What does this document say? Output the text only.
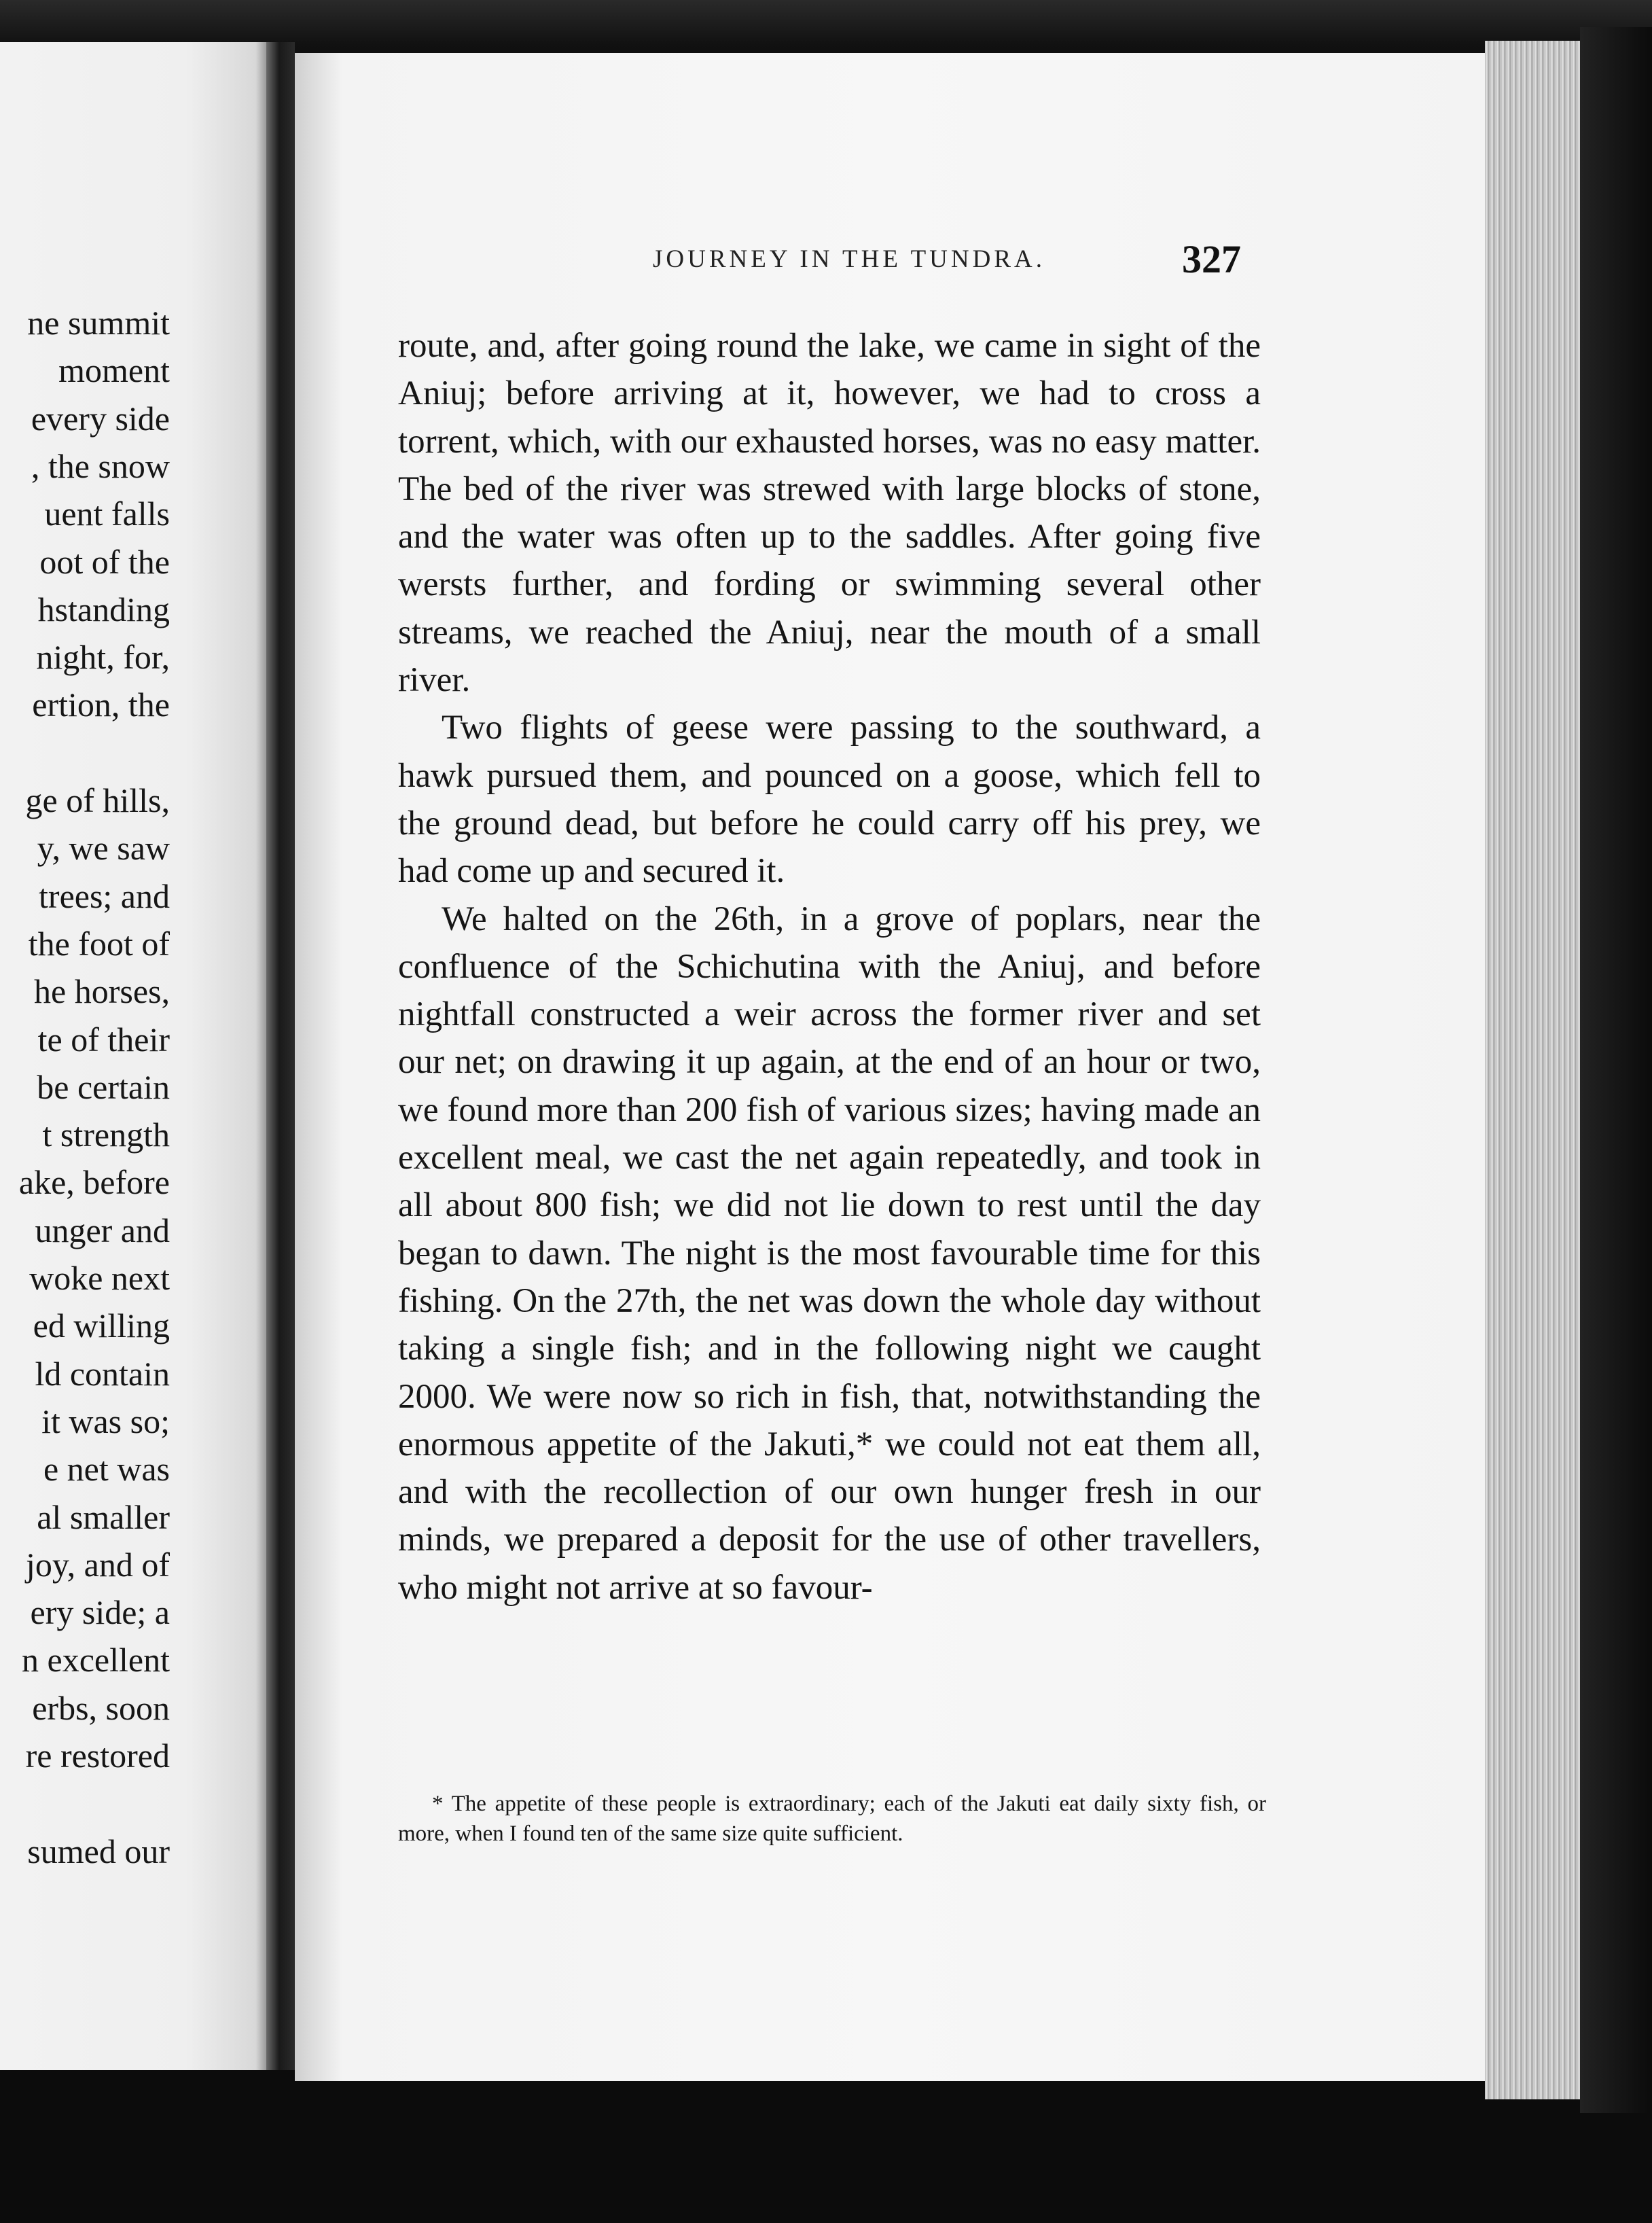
ne summit
moment
every side
, the snow
uent falls
oot of the
hstanding
night, for,
ertion, the
ge of hills,
y, we saw
trees; and
the foot of
he horses,
te of their
be certain
t strength
ake, before
unger and
woke next
ed willing
ld contain
it was so;
e net was
al smaller
joy, and of
ery side; a
n excellent
erbs, soon
re restored
sumed our
JOURNEY IN THE TUNDRA.	327

route, and, after going round the lake, we came in sight of the Aniuj; before arriving at it, however, we had to cross a torrent, which, with our exhausted horses, was no easy matter. The bed of the river was strewed with large blocks of stone, and the water was often up to the saddles. After going five wersts further, and fording or swimming several other streams, we reached the Aniuj, near the mouth of a small river.

Two flights of geese were passing to the southward, a hawk pursued them, and pounced on a goose, which fell to the ground dead, but before he could carry off his prey, we had come up and secured it.

We halted on the 26th, in a grove of poplars, near the confluence of the Schichutina with the Aniuj, and before nightfall constructed a weir across the former river and set our net; on drawing it up again, at the end of an hour or two, we found more than 200 fish of various sizes; having made an excellent meal, we cast the net again repeatedly, and took in all about 800 fish; we did not lie down to rest until the day began to dawn. The night is the most favourable time for this fishing. On the 27th, the net was down the whole day without taking a single fish; and in the following night we caught 2000. We were now so rich in fish, that, notwithstanding the enormous appetite of the Jakuti,* we could not eat them all, and with the recollection of our own hunger fresh in our minds, we prepared a deposit for the use of other travellers, who might not arrive at so favour-

* The appetite of these people is extraordinary; each of the Jakuti eat daily sixty fish, or more, when I found ten of the same size quite sufficient.
